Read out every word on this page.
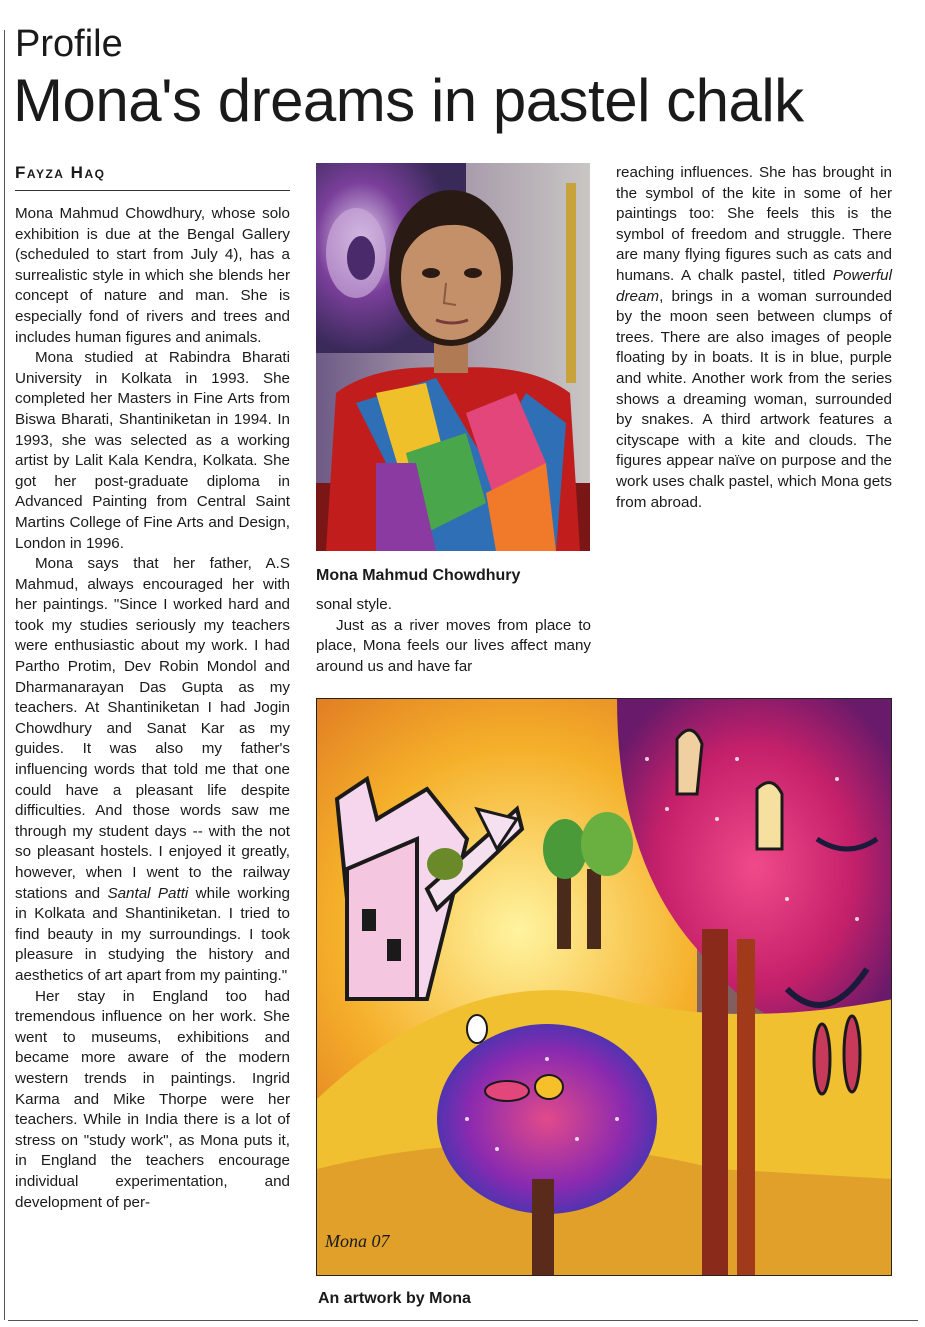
Profile
Mona's dreams in pastel chalk
Fayza Haq

Mona Mahmud Chowdhury, whose solo exhibition is due at the Bengal Gallery (scheduled to start from July 4), has a surrealistic style in which she blends her concept of nature and man. She is especially fond of rivers and trees and includes human figures and animals.

Mona studied at Rabindra Bharati University in Kolkata in 1993. She completed her Masters in Fine Arts from Biswa Bharati, Shantiniketan in 1994. In 1993, she was selected as a working artist by Lalit Kala Kendra, Kolkata. She got her post-graduate diploma in Advanced Painting from Central Saint Martins College of Fine Arts and Design, London in 1996.

Mona says that her father, A.S Mahmud, always encouraged her with her paintings. "Since I worked hard and took my studies seriously my teachers were enthusiastic about my work. I had Partho Protim, Dev Robin Mondol and Dharmanarayan Das Gupta as my teachers. At Shantiniketan I had Jogin Chowdhury and Sanat Kar as my guides. It was also my father's influencing words that told me that one could have a pleasant life despite difficulties. And those words saw me through my student days -- with the not so pleasant hostels. I enjoyed it greatly, however, when I went to the railway stations and Santal Patti while working in Kolkata and Shantiniketan. I tried to find beauty in my surroundings. I took pleasure in studying the history and aesthetics of art apart from my painting."

Her stay in England too had tremendous influence on her work. She went to museums, exhibitions and became more aware of the modern western trends in paintings. Ingrid Karma and Mike Thorpe were her teachers. While in India there is a lot of stress on "study work", as Mona puts it, in England the teachers encourage individual experimentation, and development of per-

Mona Mahmud Chowdhury

sonal style.

Just as a river moves from place to place, Mona feels our lives affect many around us and have far

reaching influences. She has brought in the symbol of the kite in some of her paintings too: She feels this is the symbol of freedom and struggle. There are many flying figures such as cats and humans. A chalk pastel, titled Powerful dream, brings in a woman surrounded by the moon seen between clumps of trees. There are also images of people floating by in boats. It is in blue, purple and white. Another work from the series shows a dreaming woman, surrounded by snakes. A third artwork features a cityscape with a kite and clouds. The figures appear naïve on purpose and the work uses chalk pastel, which Mona gets from abroad.

Mona 07
An artwork by Mona
